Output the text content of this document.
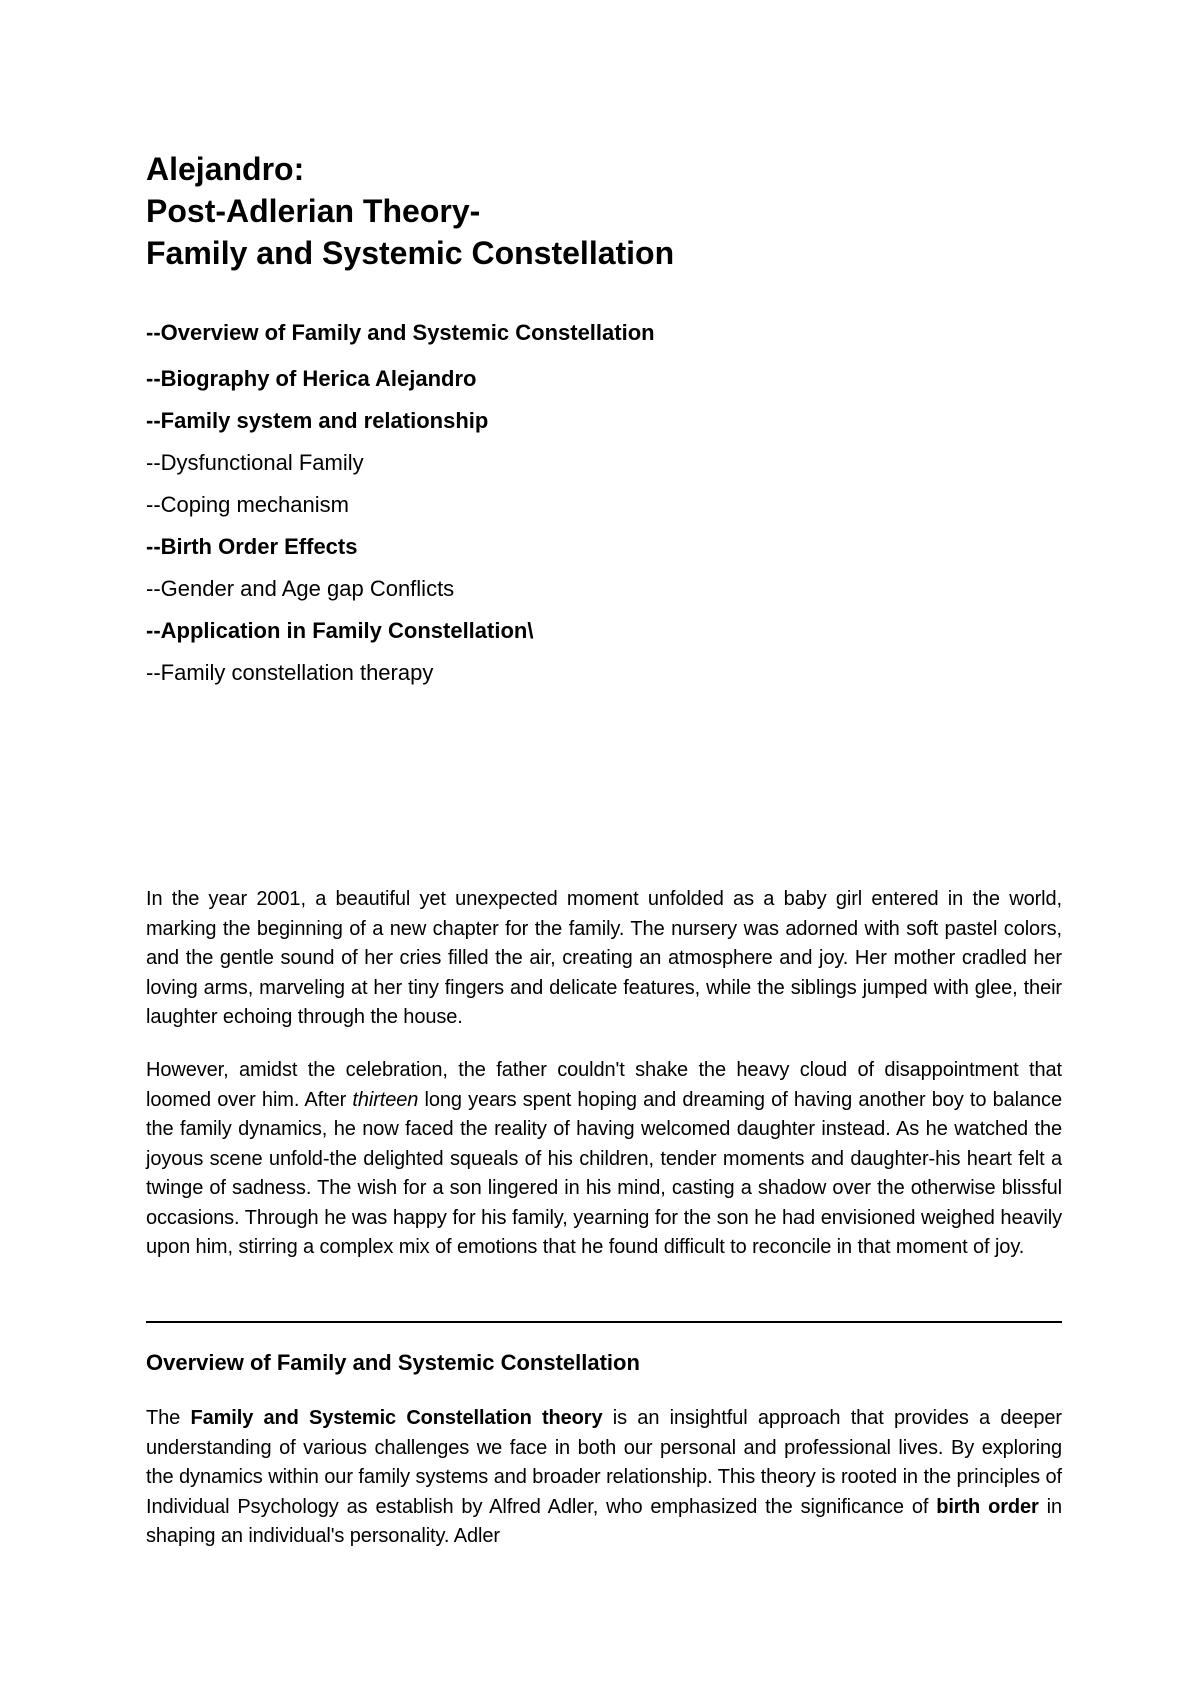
Alejandro:
Post-Adlerian Theory-
Family and Systemic Constellation
--Overview of Family and Systemic Constellation
--Biography of Herica Alejandro
--Family system and relationship
--Dysfunctional Family
--Coping mechanism
--Birth Order Effects
--Gender and Age gap Conflicts
--Application in Family Constellation\
--Family constellation therapy

In the year 2001, a beautiful yet unexpected moment unfolded as a baby girl entered in the world, marking the beginning of a new chapter for the family. The nursery was adorned with soft pastel colors, and the gentle sound of her cries filled the air, creating an atmosphere and joy. Her mother cradled her loving arms, marveling at her tiny fingers and delicate features, while the siblings jumped with glee, their laughter echoing through the house.

However, amidst the celebration, the father couldn't shake the heavy cloud of disappointment that loomed over him. After thirteen long years spent hoping and dreaming of having another boy to balance the family dynamics, he now faced the reality of having welcomed daughter instead. As he watched the joyous scene unfold-the delighted squeals of his children, tender moments and daughter-his heart felt a twinge of sadness. The wish for a son lingered in his mind, casting a shadow over the otherwise blissful occasions. Through he was happy for his family, yearning for the son he had envisioned weighed heavily upon him, stirring a complex mix of emotions that he found difficult to reconcile in that moment of joy.

Overview of Family and Systemic Constellation

The Family and Systemic Constellation theory is an insightful approach that provides a deeper understanding of various challenges we face in both our personal and professional lives. By exploring the dynamics within our family systems and broader relationship. This theory is rooted in the principles of Individual Psychology as establish by Alfred Adler, who emphasized the significance of birth order in shaping an individual's personality. Adler
